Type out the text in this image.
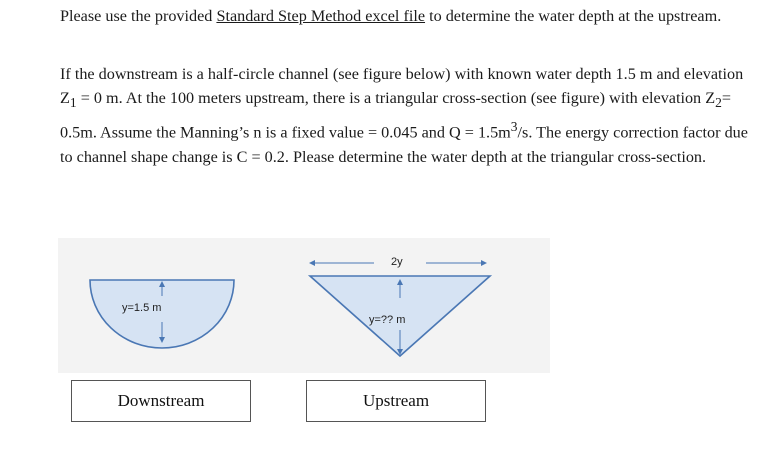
Please use the provided Standard Step Method excel file to determine the water depth at the upstream.

If the downstream is a half-circle channel (see figure below) with known water depth 1.5 m and elevation $Z_1 = 0$ m. At the 100 meters upstream, there is a triangular cross-section (see figure) with elevation $Z_2= 0.5m$. Assume the Manning’s n is a fixed value = 0.045 and $Q = 1.5m^3/s$. The energy correction factor due to channel shape change is C = 0.2. Please determine the water depth at the triangular cross-section.

y=1.5 m
y=?? m
2y
Downstream	Upstream
